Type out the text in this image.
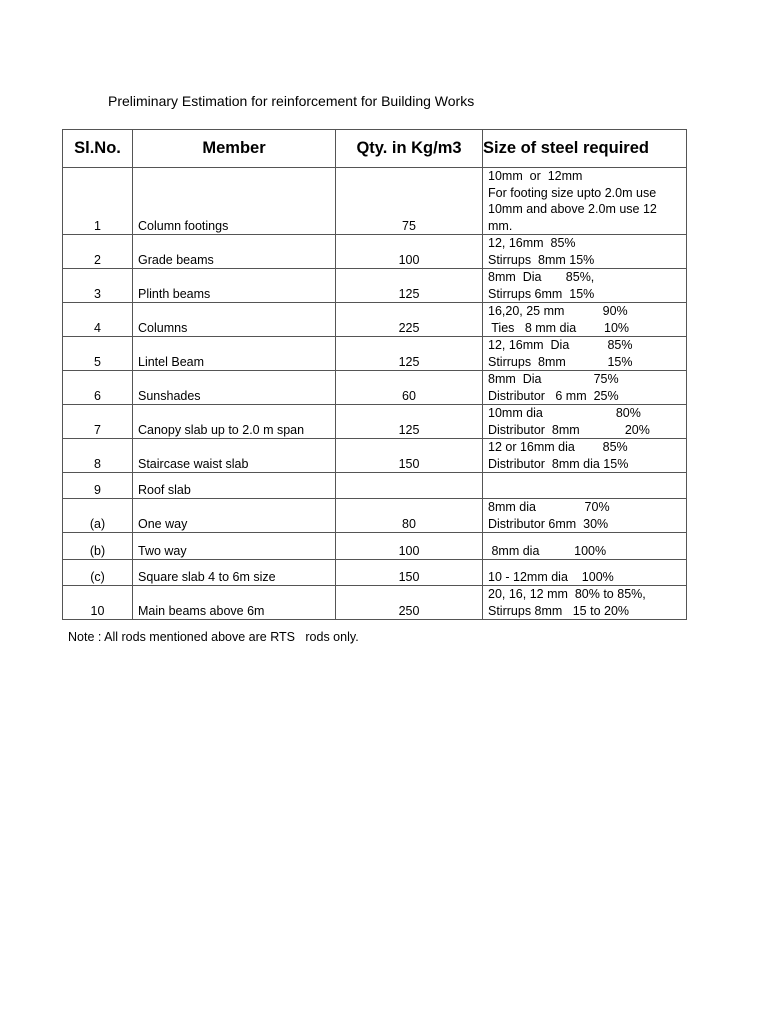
Preliminary Estimation for reinforcement for Building Works
Sl.No.	Member	Qty. in Kg/m3	Size of steel required
1	Column footings	75	10mm  or  12mm
For footing size upto 2.0m use
10mm and above 2.0m use 12
mm.
2	Grade beams	100	12, 16mm  85%
Stirrups  8mm 15%
3	Plinth beams	125	8mm  Dia       85%,
Stirrups 6mm  15%
4	Columns	225	16,20, 25 mm           90%
Ties   8 mm dia        10%
5	Lintel Beam	125	12, 16mm  Dia           85%
Stirrups  8mm            15%
6	Sunshades	60	8mm  Dia               75%
Distributor   6 mm  25%
7	Canopy slab up to 2.0 m span	125	10mm dia                     80%
Distributor  8mm             20%
8	Staircase waist slab	150	12 or 16mm dia        85%
Distributor  8mm dia 15%
9	Roof slab		
(a)	One way	80	8mm dia              70%
Distributor 6mm  30%
(b)	Two way	100	8mm dia          100%
(c)	Square slab 4 to 6m size	150	10 - 12mm dia    100%
10	Main beams above 6m	250	20, 16, 12 mm  80% to 85%,
Stirrups 8mm   15 to 20%
Note : All rods mentioned above are RTS   rods only.
